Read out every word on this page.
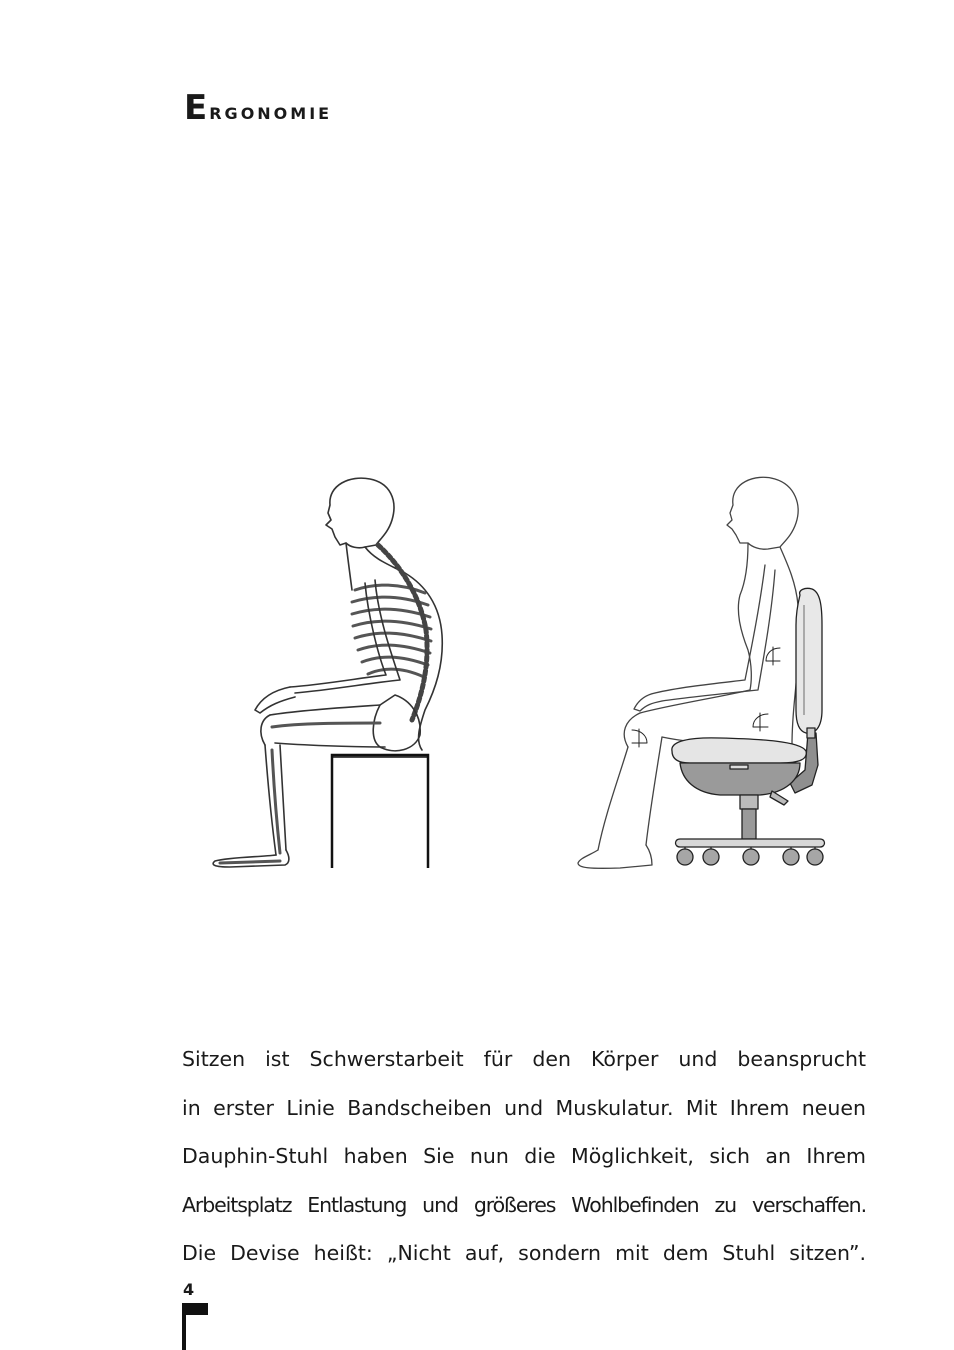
Ergonomie

Sitzen ist Schwerstarbeit für den Körper und beansprucht
in erster Linie Bandscheiben und Muskulatur. Mit Ihrem neuen
Dauphin-Stuhl haben Sie nun die Möglichkeit, sich an Ihrem
Arbeitsplatz Entlastung und größeres Wohlbefinden zu verschaffen.
Die Devise heißt: „Nicht auf, sondern mit dem Stuhl sitzen”.

4
